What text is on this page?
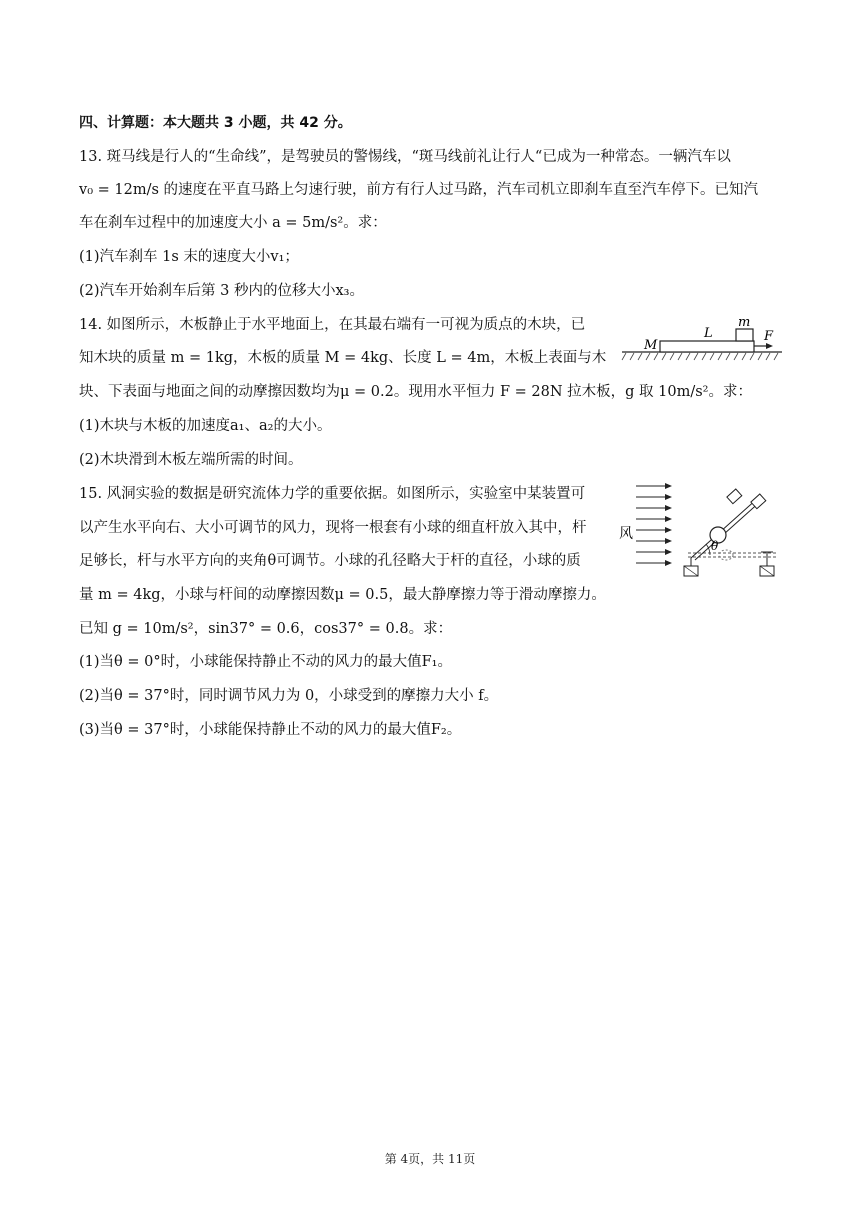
四、计算题：本大题共 3 小题，共 42 分。
13. 斑马线是行人的“生命线”，是驾驶员的警惕线，“斑马线前礼让行人“已成为一种常态。一辆汽车以
v₀ = 12m/s 的速度在平直马路上匀速行驶，前方有行人过马路，汽车司机立即刹车直至汽车停下。已知汽
车在刹车过程中的加速度大小 a = 5m/s²。求：
(1)汽车刹车 1s 末的速度大小v₁；
(2)汽车开始刹车后第 3 秒内的位移大小x₃。
14. 如图所示，木板静止于水平地面上，在其最右端有一可视为质点的木块，已
知木块的质量 m = 1kg，木板的质量 M = 4kg、长度 L = 4m，木板上表面与木
块、下表面与地面之间的动摩擦因数均为μ = 0.2。现用水平恒力 F = 28N 拉木板，g 取 10m/s²。求：
(1)木块与木板的加速度a₁、a₂的大小。
(2)木块滑到木板左端所需的时间。
M
L
m
F
15. 风洞实验的数据是研究流体力学的重要依据。如图所示，实验室中某装置可
以产生水平向右、大小可调节的风力，现将一根套有小球的细直杆放入其中，杆
足够长，杆与水平方向的夹角θ可调节。小球的孔径略大于杆的直径，小球的质
量 m = 4kg，小球与杆间的动摩擦因数μ = 0.5，最大静摩擦力等于滑动摩擦力。
已知 g = 10m/s²，sin37° = 0.6，cos37° = 0.8。求：
(1)当θ = 0°时，小球能保持静止不动的风力的最大值F₁。
(2)当θ = 37°时，同时调节风力为 0，小球受到的摩擦力大小 f。
(3)当θ = 37°时，小球能保持静止不动的风力的最大值F₂。
风
θ
第 4页，共 11页
